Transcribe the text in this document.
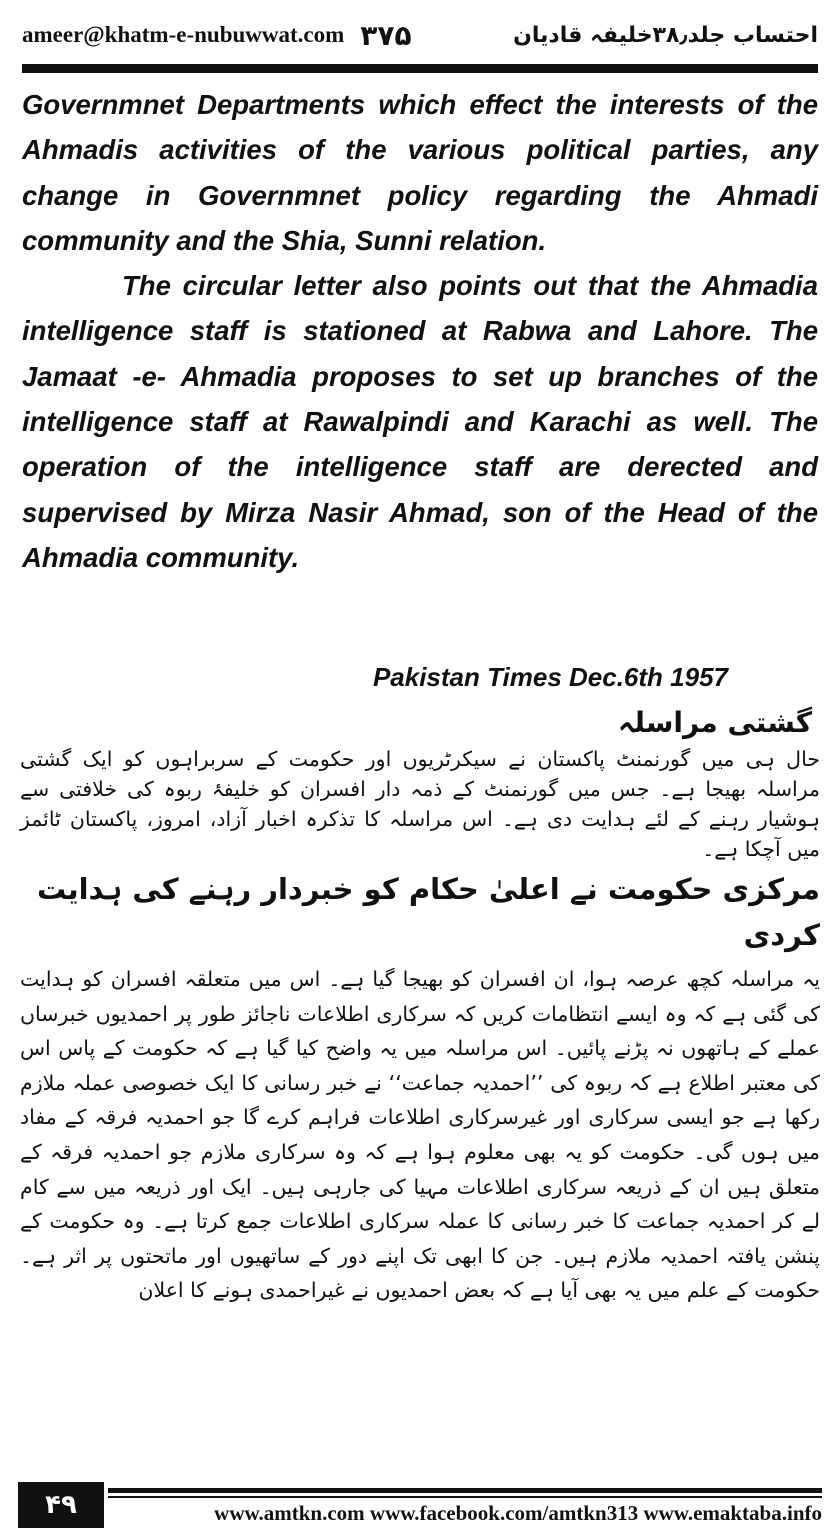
ameer@khatm-e-nubuwwat.com ۳۷۵	احتساب جلد۳۸٫خلیفہ قادیان

Governmnet Departments which effect the interests of the Ahmadis activities of the various political parties, any change in Governmnet policy regarding the Ahmadi community and the Shia, Sunni relation.

The circular letter also points out that the Ahmadia intelligence staff is stationed at Rabwa and Lahore. The Jamaat -e- Ahmadia proposes to set up branches of the intelligence staff at Rawalpindi and Karachi as well. The operation of the intelligence staff are derected and supervised by Mirza Nasir Ahmad, son of the Head of the Ahmadia community.

Pakistan Times Dec.6th 1957
گشتی مراسلہ

حال ہی میں گورنمنٹ پاکستان نے سیکرٹریوں اور حکومت کے سربراہوں کو ایک گشتی مراسلہ بھیجا ہے۔ جس میں گورنمنٹ کے ذمہ دار افسران کو خلیفۂ ربوہ کی خلافتی سے ہوشیار رہنے کے لئے ہدایت دی ہے۔ اس مراسلہ کا تذکرہ اخبار آزاد، امروز، پاکستان ٹائمز میں آچکا ہے۔

مرکزی حکومت نے اعلیٰ حکام کو خبردار رہنے کی ہدایت کردی

یہ مراسلہ کچھ عرصہ ہوا، ان افسران کو بھیجا گیا ہے۔ اس میں متعلقہ افسران کو ہدایت کی گئی ہے کہ وہ ایسے انتظامات کریں کہ سرکاری اطلاعات ناجائز طور پر احمدیوں خبرساں عملے کے ہاتھوں نہ پڑنے پائیں۔ اس مراسلہ میں یہ واضح کیا گیا ہے کہ حکومت کے پاس اس کی معتبر اطلاع ہے کہ ربوہ کی ’’احمدیہ جماعت‘‘ نے خبر رسانی کا ایک خصوصی عملہ ملازم رکھا ہے جو ایسی سرکاری اور غیرسرکاری اطلاعات فراہم کرے گا جو احمدیہ فرقہ کے مفاد میں ہوں گی۔ حکومت کو یہ بھی معلوم ہوا ہے کہ وہ سرکاری ملازم جو احمدیہ فرقہ کے متعلق ہیں ان کے ذریعہ سرکاری اطلاعات مہیا کی جارہی ہیں۔ ایک اور ذریعہ میں سے کام لے کر احمدیہ جماعت کا خبر رسانی کا عملہ سرکاری اطلاعات جمع کرتا ہے۔ وہ حکومت کے پنشن یافتہ احمدیہ ملازم ہیں۔ جن کا ابھی تک اپنے دور کے ساتھیوں اور ماتحتوں پر اثر ہے۔ حکومت کے علم میں یہ بھی آیا ہے کہ بعض احمدیوں نے غیراحمدی ہونے کا اعلان

۴۹	www.amtkn.com www.facebook.com/amtkn313 www.emaktaba.info
